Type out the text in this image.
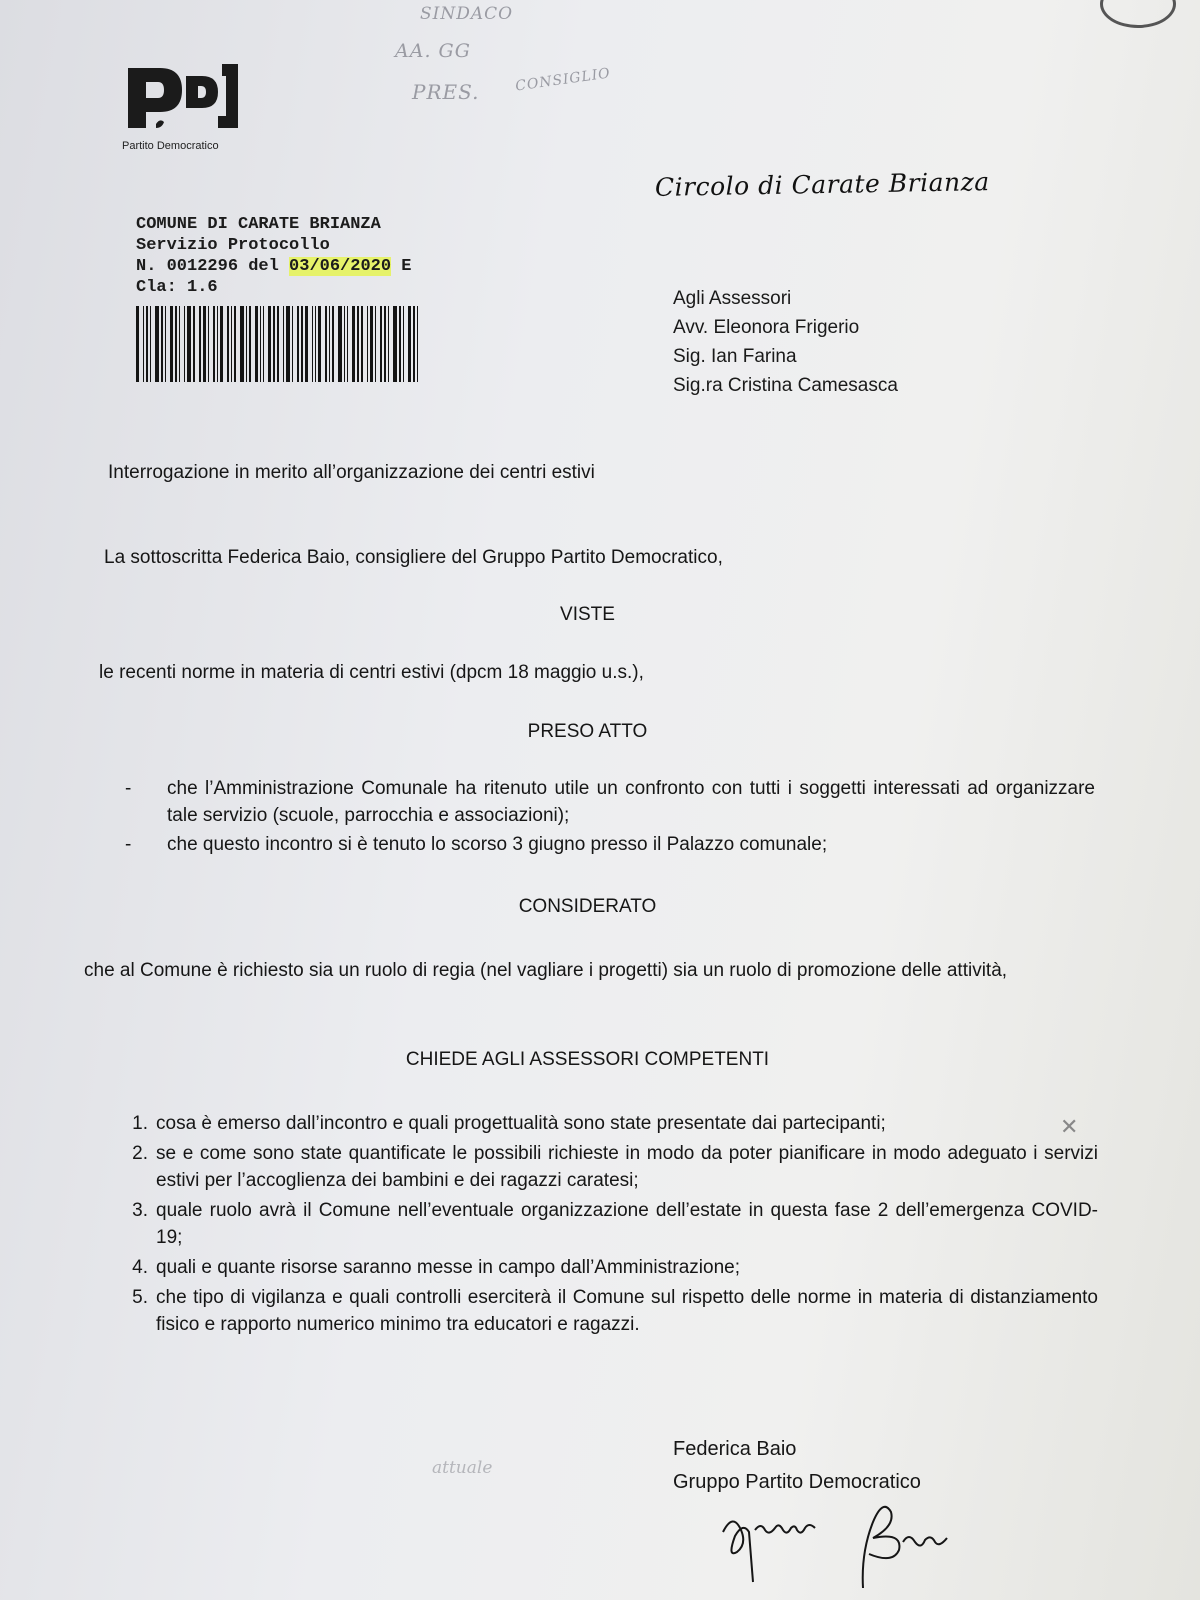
SINDACO
AA. GG
PRES. CONSIGLIO
Partito Democratico
Circolo di Carate Brianza
COMUNE DI CARATE BRIANZA
Servizio Protocollo
N. 0012296 del 03/06/2020 E
Cla: 1.6
Agli Assessori
Avv. Eleonora Frigerio
Sig. Ian Farina
Sig.ra Cristina Camesasca
Interrogazione in merito all’organizzazione dei centri estivi
La sottoscritta Federica Baio, consigliere del Gruppo Partito Democratico,
VISTE
le recenti norme in materia di centri estivi (dpcm 18 maggio u.s.),
PRESO ATTO
-	che l’Amministrazione Comunale ha ritenuto utile un confronto con tutti i soggetti interessati ad organizzare tale servizio (scuole, parrocchia e associazioni);
-	che questo incontro si è tenuto lo scorso 3 giugno presso il Palazzo comunale;
CONSIDERATO
che al Comune è richiesto sia un ruolo di regia (nel vagliare i progetti) sia un ruolo di promozione delle attività,
CHIEDE AGLI ASSESSORI COMPETENTI
1. cosa è emerso dall’incontro e quali progettualità sono state presentate dai partecipanti;
2. se e come sono state quantificate le possibili richieste in modo da poter pianificare in modo adeguato i servizi estivi per l’accoglienza dei bambini e dei ragazzi caratesi;
3. quale ruolo avrà il Comune nell’eventuale organizzazione dell’estate in questa fase 2 dell’emergenza COVID-19;
4. quali e quante risorse saranno messe in campo dall’Amministrazione;
5. che tipo di vigilanza e quali controlli eserciterà il Comune sul rispetto delle norme in materia di distanziamento fisico e rapporto numerico minimo tra educatori e ragazzi.
✕
attuale
Federica Baio
Gruppo Partito Democratico
